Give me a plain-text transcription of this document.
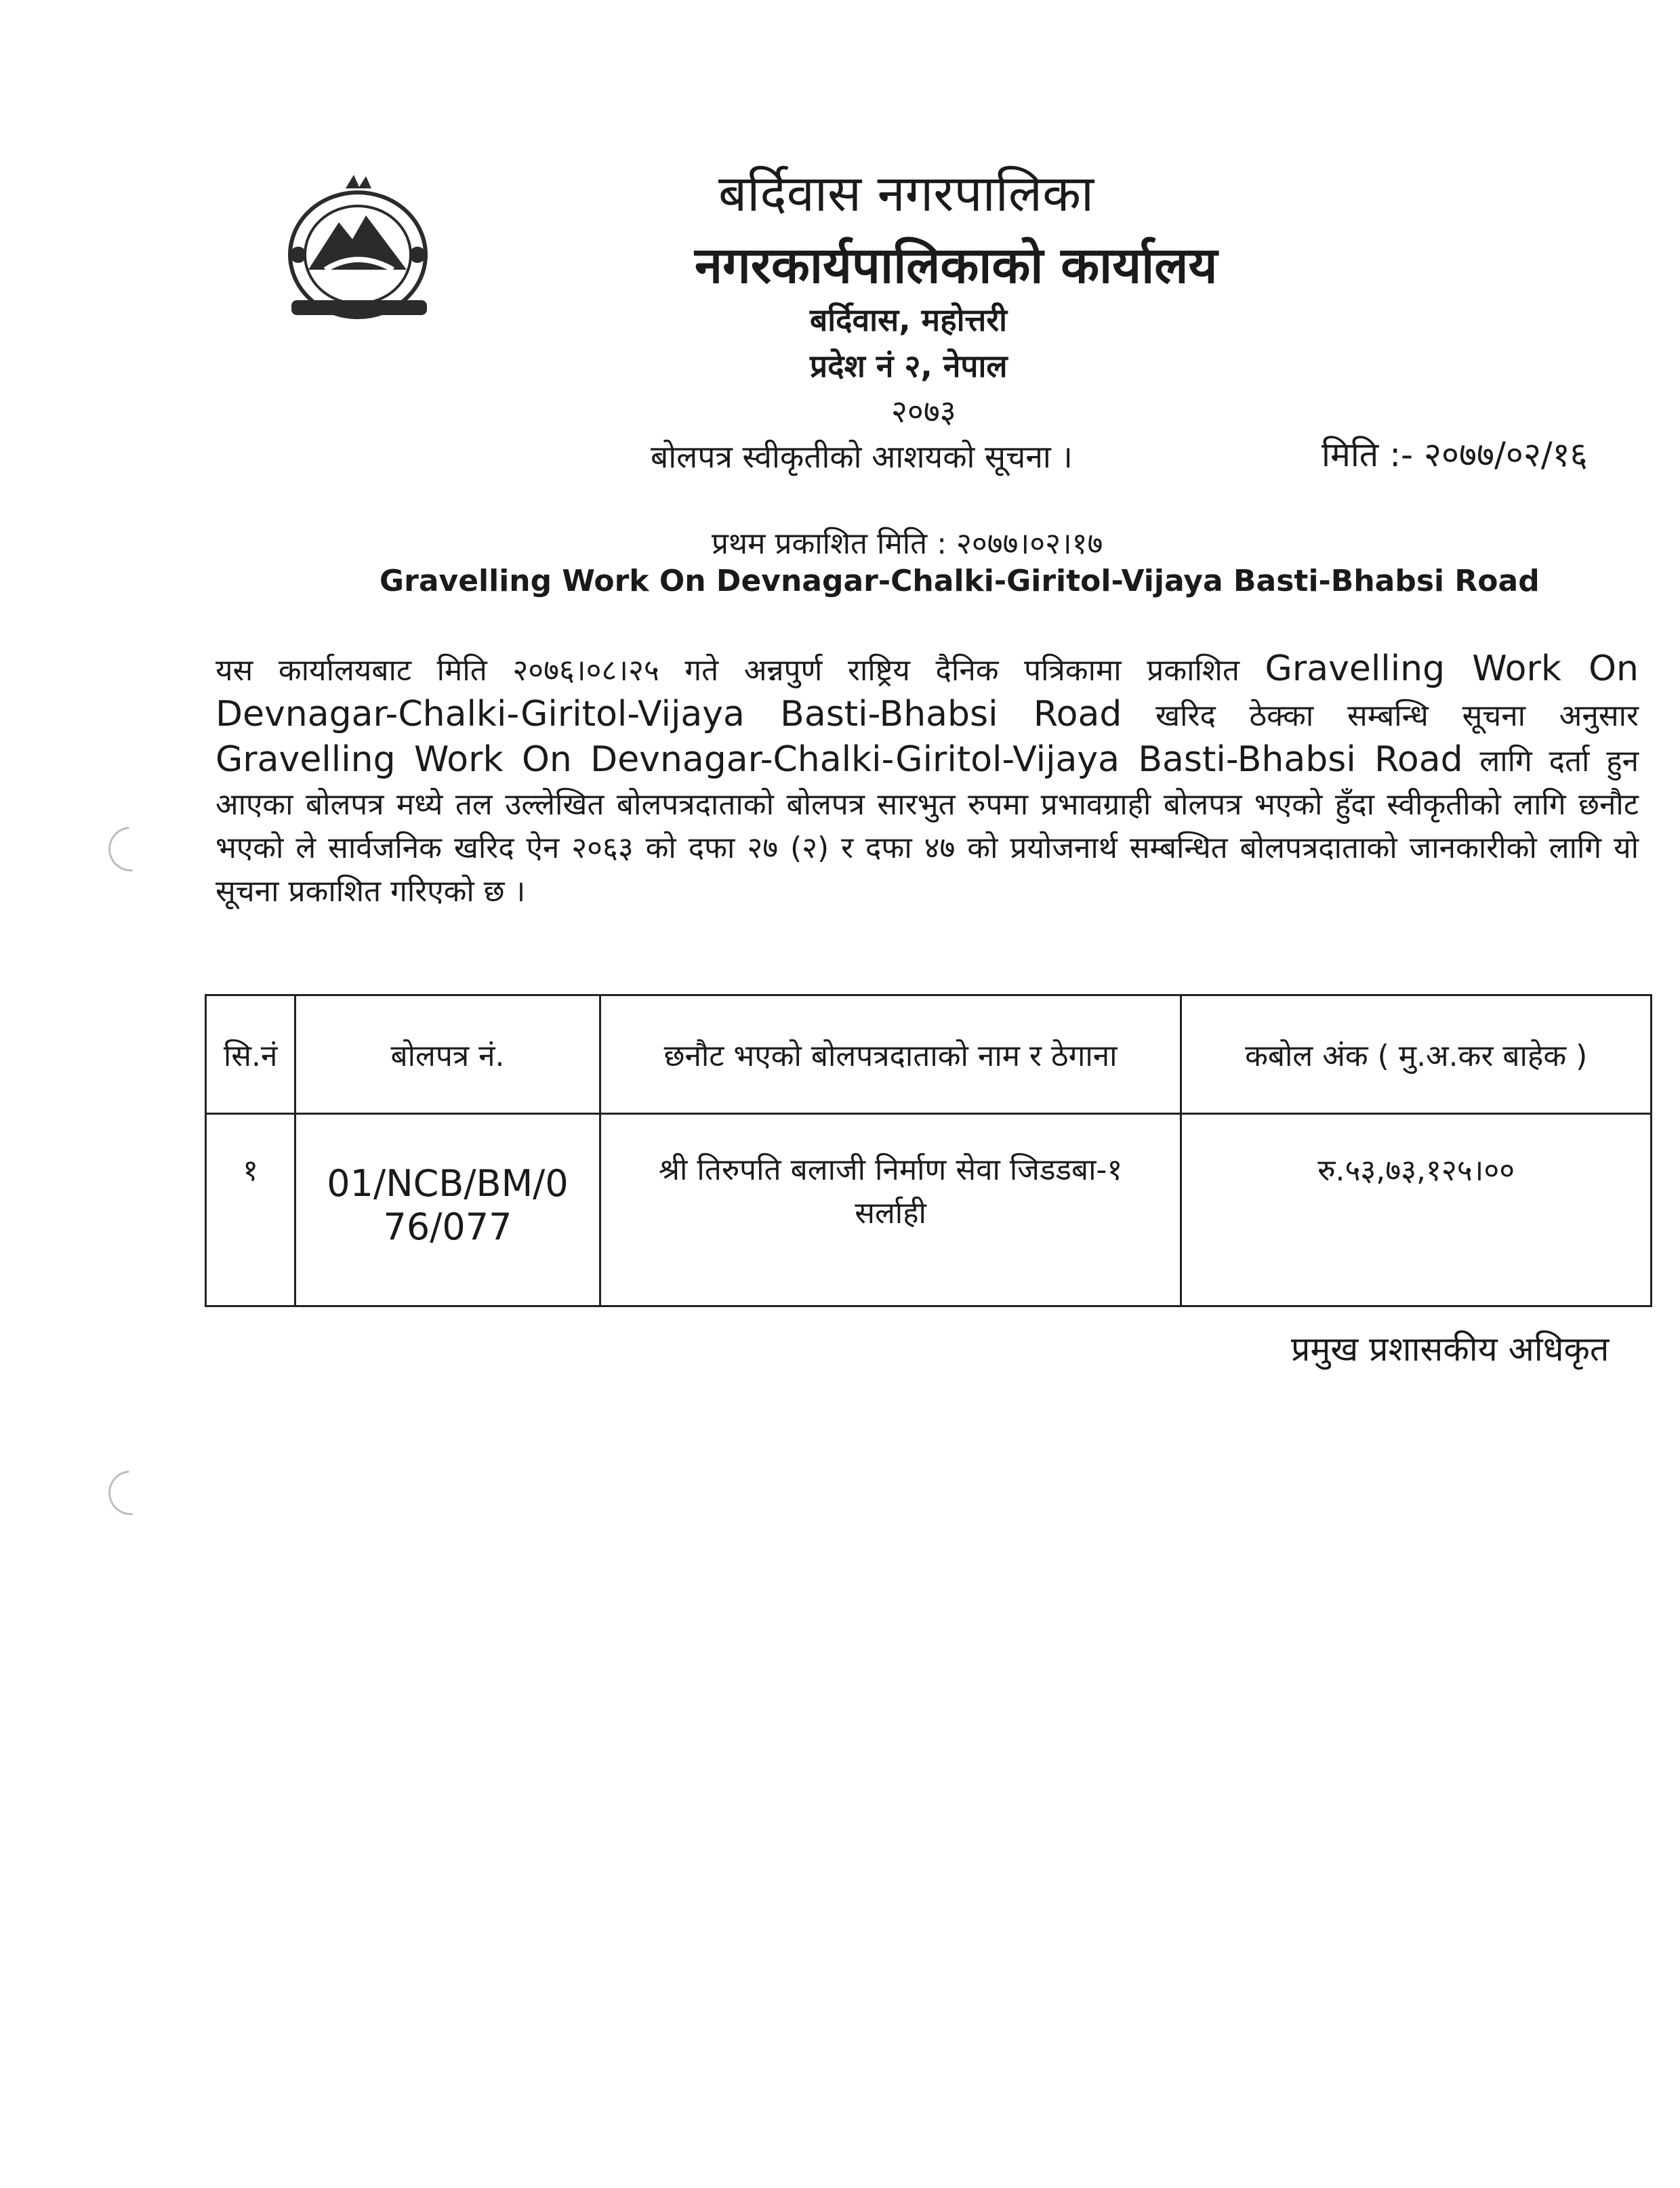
बर्दिवास नगरपालिका
नगरकार्यपालिकाको कार्यालय
बर्दिवास, महोत्तरी
प्रदेश नं २, नेपाल
२०७३
बोलपत्र स्वीकृतीको आशयको सूचना ।	मिति :- २०७७/०२/१६
प्रथम प्रकाशित मिति : २०७७।०२।१७
Gravelling Work On Devnagar-Chalki-Giritol-Vijaya Basti-Bhabsi Road
यस कार्यालयबाट मिति २०७६।०८।२५ गते अन्नपुर्ण राष्ट्रिय दैनिक पत्रिकामा प्रकाशित Gravelling Work On Devnagar-Chalki-Giritol-Vijaya Basti-Bhabsi Road खरिद ठेक्का सम्बन्धि सूचना अनुसार Gravelling Work On Devnagar-Chalki-Giritol-Vijaya Basti-Bhabsi Road लागि दर्ता हुन आएका बोलपत्र मध्ये तल उल्लेखित बोलपत्रदाताको बोलपत्र सारभुत रुपमा प्रभावग्राही बोलपत्र भएको हुँदा स्वीकृतीको लागि छनौट भएको ले सार्वजनिक खरिद ऐन २०६३ को दफा २७ (२) र दफा ४७ को प्रयोजनार्थ सम्बन्धित बोलपत्रदाताको जानकारीको लागि यो सूचना प्रकाशित गरिएको छ ।
सि.नं	बोलपत्र नं.	छनौट भएको बोलपत्रदाताको नाम र ठेगाना	कबोल अंक ( मु.अ.कर बाहेक )
१	01/NCB/BM/076/077	श्री तिरुपति बलाजी निर्माण सेवा जिडडबा-१ सर्लाही	रु.५३,७३,१२५।००
प्रमुख प्रशासकीय अधिकृत
